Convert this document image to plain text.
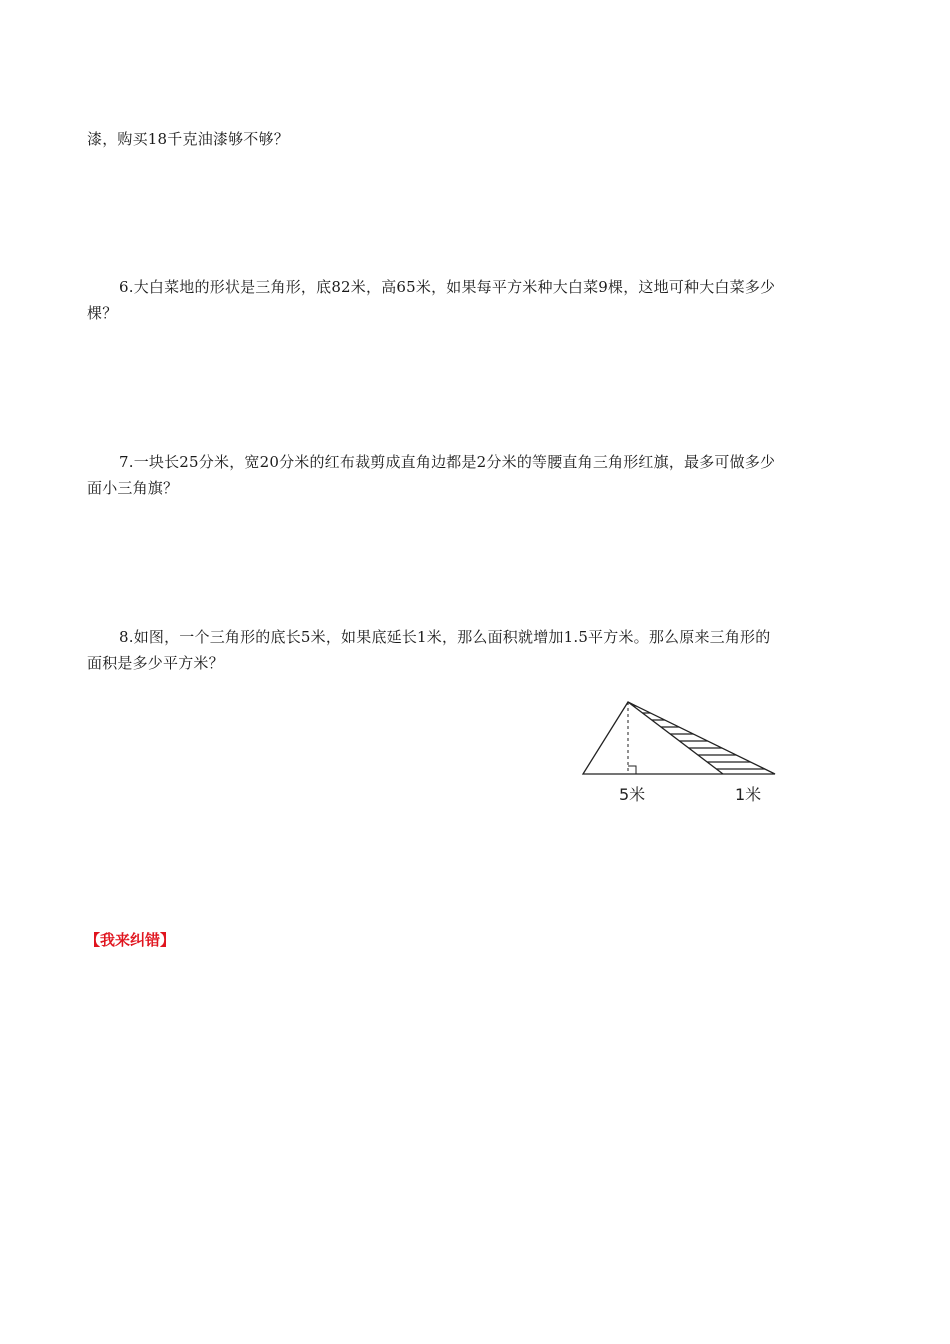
漆，购买18千克油漆够不够？
6.大白菜地的形状是三角形，底82米，高65米，如果每平方米种大白菜9棵，这地可种大白菜多少
棵？
7.一块长25分米，宽20分米的红布裁剪成直角边都是2分米的等腰直角三角形红旗，最多可做多少
面小三角旗？
8.如图，一个三角形的底长5米，如果底延长1米，那么面积就增加1.5平方米。那么原来三角形的
面积是多少平方米？
5米	1米
【我来纠错】
